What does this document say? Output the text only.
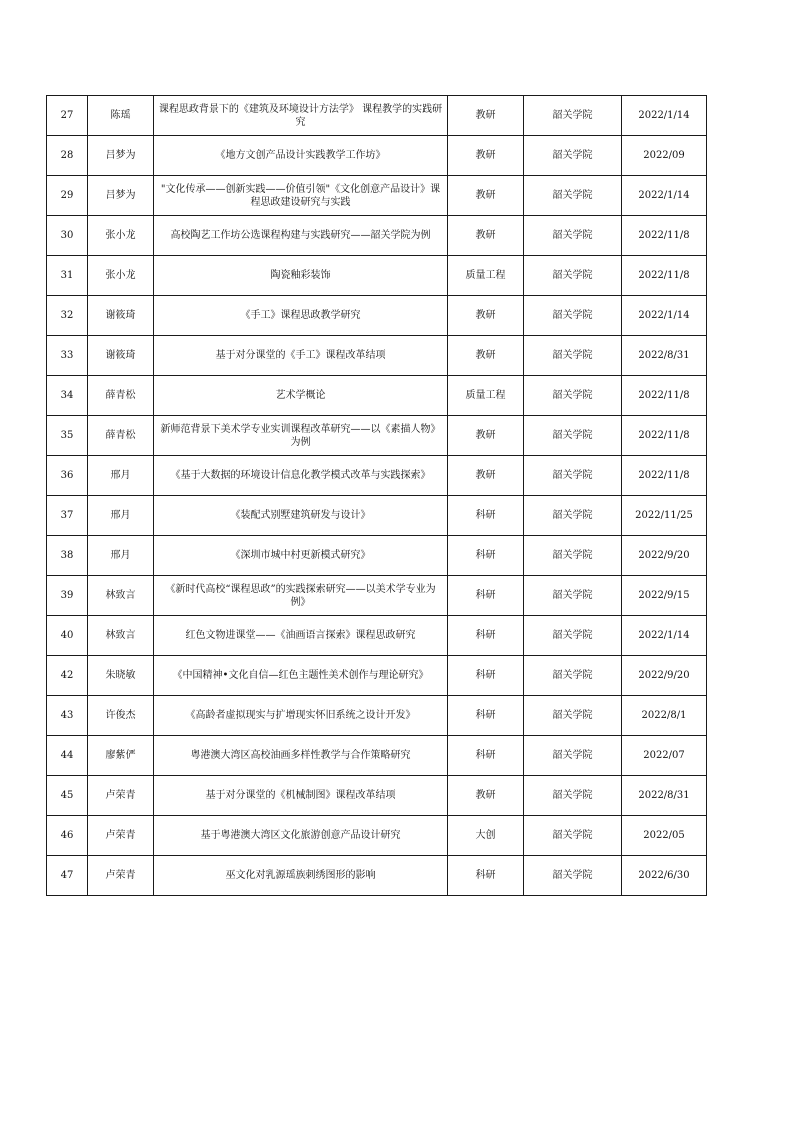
27	陈瑶	课程思政背景下的《建筑及环境设计方法学》 课程教学的实践研究	教研	韶关学院	2022/1/14
28	吕梦为	《地方文创产品设计实践教学工作坊》	教研	韶关学院	2022/09
29	吕梦为	"文化传承——创新实践——价值引领"《文化创意产品设计》课程思政建设研究与实践	教研	韶关学院	2022/1/14
30	张小龙	高校陶艺工作坊公选课程构建与实践研究——韶关学院为例	教研	韶关学院	2022/11/8
31	张小龙	陶瓷釉彩装饰	质量工程	韶关学院	2022/11/8
32	谢筱琦	《手工》课程思政教学研究	教研	韶关学院	2022/1/14
33	谢筱琦	基于对分课堂的《手工》课程改革结项	教研	韶关学院	2022/8/31
34	薛青松	艺术学概论	质量工程	韶关学院	2022/11/8
35	薛青松	新师范背景下美术学专业实训课程改革研究——以《素描人物》为例	教研	韶关学院	2022/11/8
36	邢月	《基于大数据的环境设计信息化教学模式改革与实践探索》	教研	韶关学院	2022/11/8
37	邢月	《装配式别墅建筑研发与设计》	科研	韶关学院	2022/11/25
38	邢月	《深圳市城中村更新模式研究》	科研	韶关学院	2022/9/20
39	林致言	《新时代高校“课程思政”的实践探索研究——以美术学专业为例》	科研	韶关学院	2022/9/15
40	林致言	红色文物进课堂——《油画语言探索》课程思政研究	科研	韶关学院	2022/1/14
42	朱晓敏	《中国精神•文化自信—红色主题性美术创作与理论研究》	科研	韶关学院	2022/9/20
43	许俊杰	《高龄者虚拟现实与扩增现实怀旧系统之设计开发》	科研	韶关学院	2022/8/1
44	廖紫俨	粤港澳大湾区高校油画多样性教学与合作策略研究	科研	韶关学院	2022/07
45	卢荣青	基于对分课堂的《机械制图》课程改革结项	教研	韶关学院	2022/8/31
46	卢荣青	基于粤港澳大湾区文化旅游创意产品设计研究	大创	韶关学院	2022/05
47	卢荣青	巫文化对乳源瑶族刺绣图形的影响	科研	韶关学院	2022/6/30
